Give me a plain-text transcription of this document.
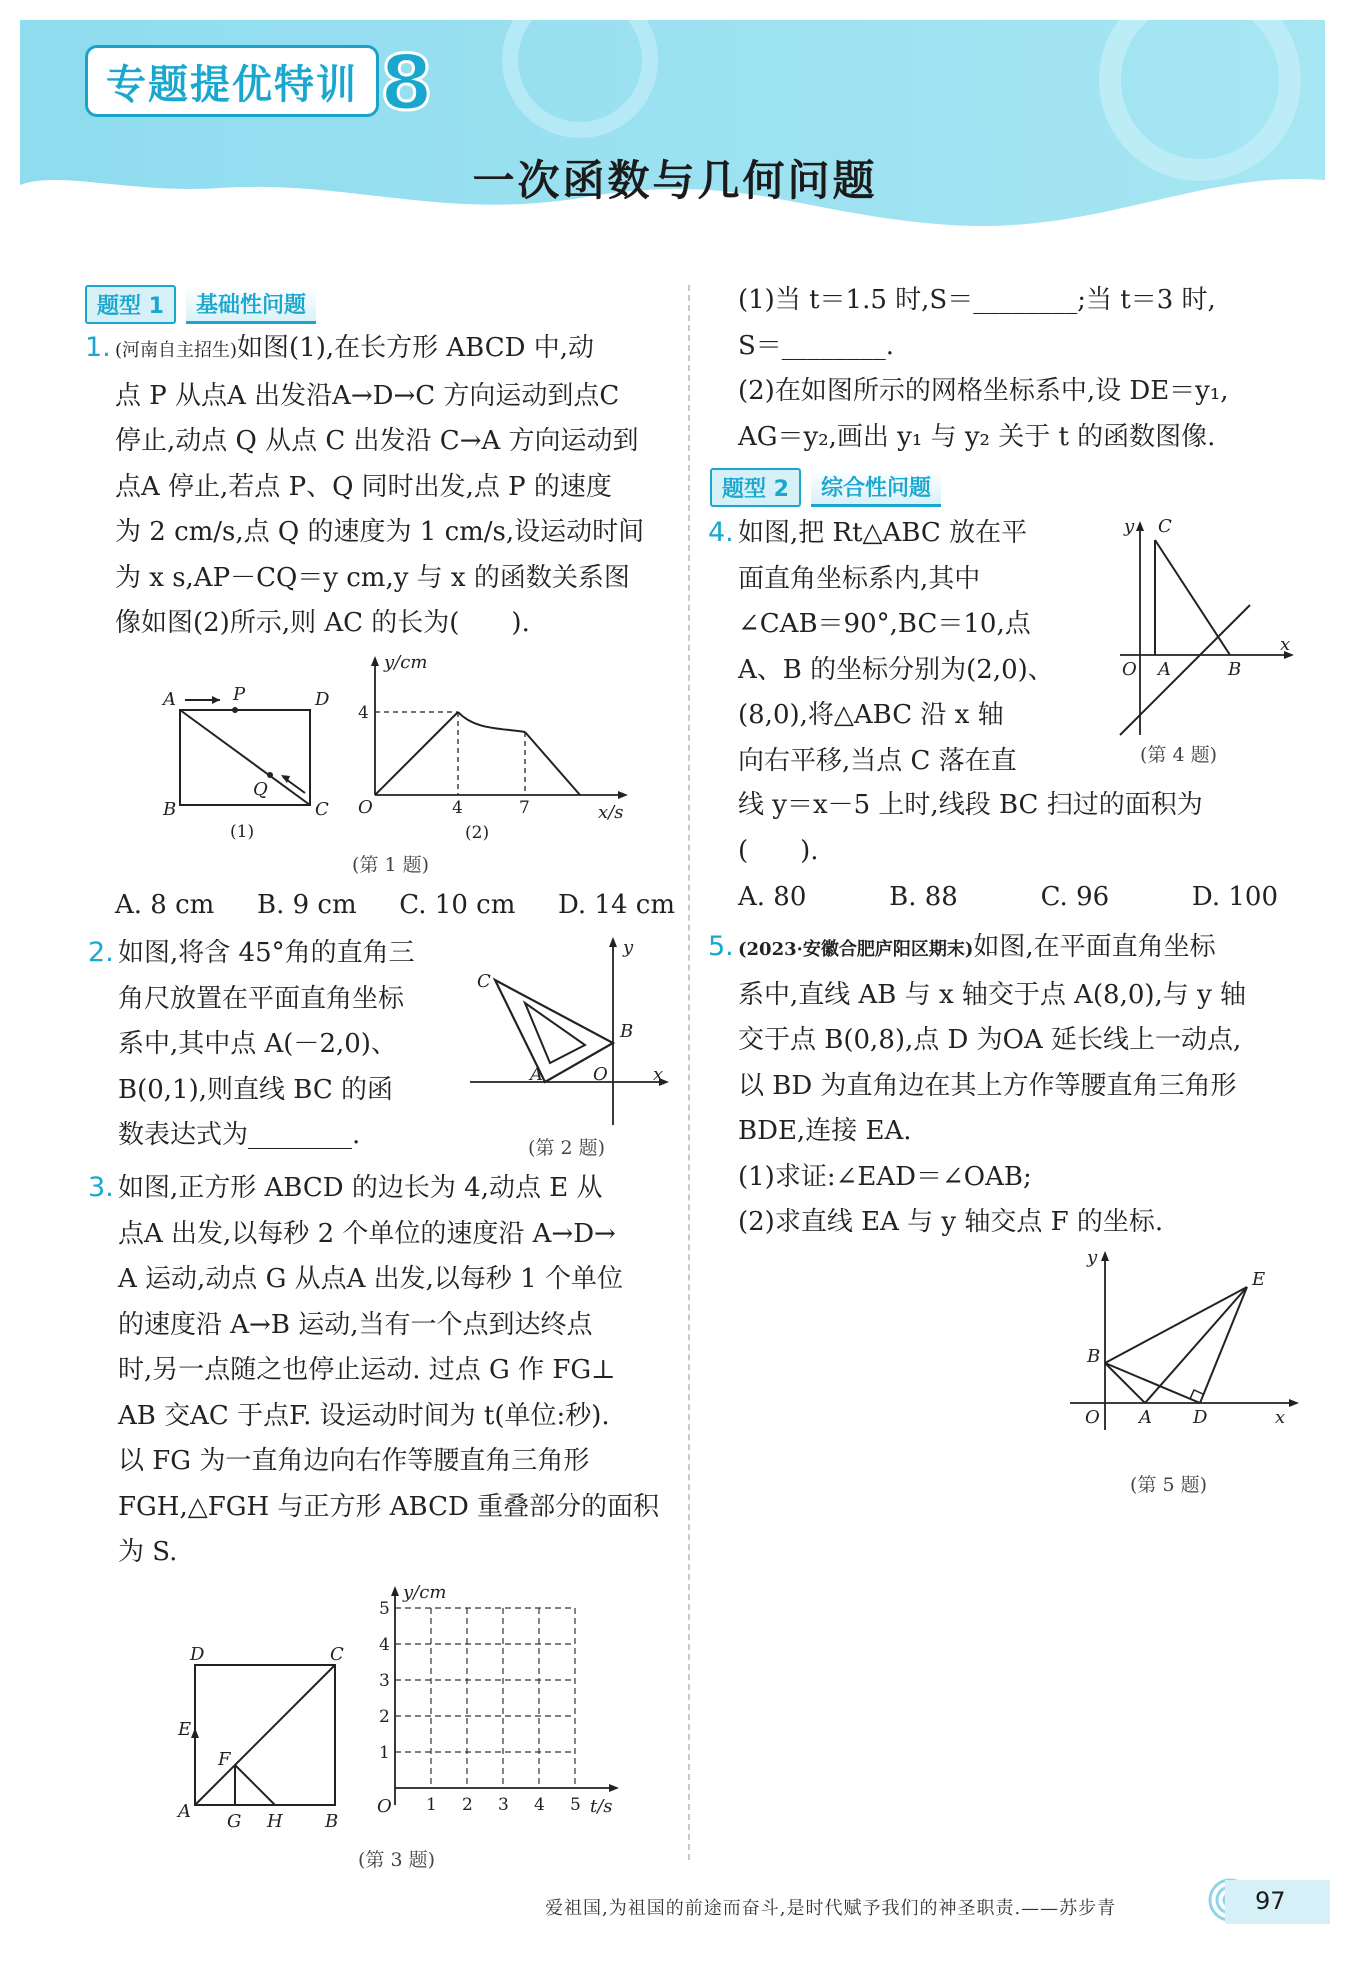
专题提优特训 8
一次函数与几何问题
题型 1	基础性问题
1. (河南自主招生)如图(1),在长方形 ABCD 中,动
点 P 从点A 出发沿A→D→C 方向运动到点C
停止,动点 Q 从点 C 出发沿 C→A 方向运动到
点A 停止,若点 P、Q 同时出发,点 P 的速度
为 2 cm/s,点 Q 的速度为 1 cm/s,设运动时间
为 x s,AP－CQ＝y cm,y 与 x 的函数关系图
像如图(2)所示,则 AC 的长为(　　).
A	D
B	C
P
Q
(1)
y/cm
x/s
O
4
4	7
(2)
(第 1 题)
A. 8 cm B. 9 cm C. 10 cm D. 14 cm
2. 如图,将含 45°角的直角三
角尺放置在平面直角坐标
系中,其中点 A(－2,0)、
B(0,1),则直线 BC 的函
数表达式为________.
C
B
A	O	x
y
(第 2 题)
3. 如图,正方形 ABCD 的边长为 4,动点 E 从
点A 出发,以每秒 2 个单位的速度沿 A→D→
A 运动,动点 G 从点A 出发,以每秒 1 个单位
的速度沿 A→B 运动,当有一个点到达终点
时,另一点随之也停止运动. 过点 G 作 FG⊥
AB 交AC 于点F. 设运动时间为 t(单位:秒).
以 FG 为一直角边向右作等腰直角三角形
FGH,△FGH 与正方形 ABCD 重叠部分的面积
为 S.
A	B
C
D
E
F
G H
y/cm
t/s
O
1
2
3
4
5
1 2 3 4 5
(第 3 题)
(1)当 t＝1.5 时,S＝________;当 t＝3 时,
S＝________.
(2)在如图所示的网格坐标系中,设 DE＝y₁,
AG＝y₂,画出 y₁ 与 y₂ 关于 t 的函数图像.
题型 2	综合性问题
4. 如图,把 Rt△ABC 放在平
面直角坐标系内,其中
∠CAB＝90°,BC＝10,点
A、B 的坐标分别为(2,0)、
(8,0),将△ABC 沿 x 轴
向右平移,当点 C 落在直
线 y＝x－5 上时,线段 BC 扫过的面积为
(　　).
C
A	B
O
x
y
(第 4 题)
A. 80	B. 88	C. 96	D. 100
5. (2023·安徽合肥庐阳区期末)如图,在平面直角坐标
系中,直线 AB 与 x 轴交于点 A(8,0),与 y 轴
交于点 B(0,8),点 D 为OA 延长线上一动点,
以 BD 为直角边在其上方作等腰直角三角形
BDE,连接 EA.
(1)求证:∠EAD＝∠OAB;
(2)求直线 EA 与 y 轴交点 F 的坐标.
B
E
A D
O	x
y
(第 5 题)
爱祖国,为祖国的前途而奋斗,是时代赋予我们的神圣职责.——苏步青	97
